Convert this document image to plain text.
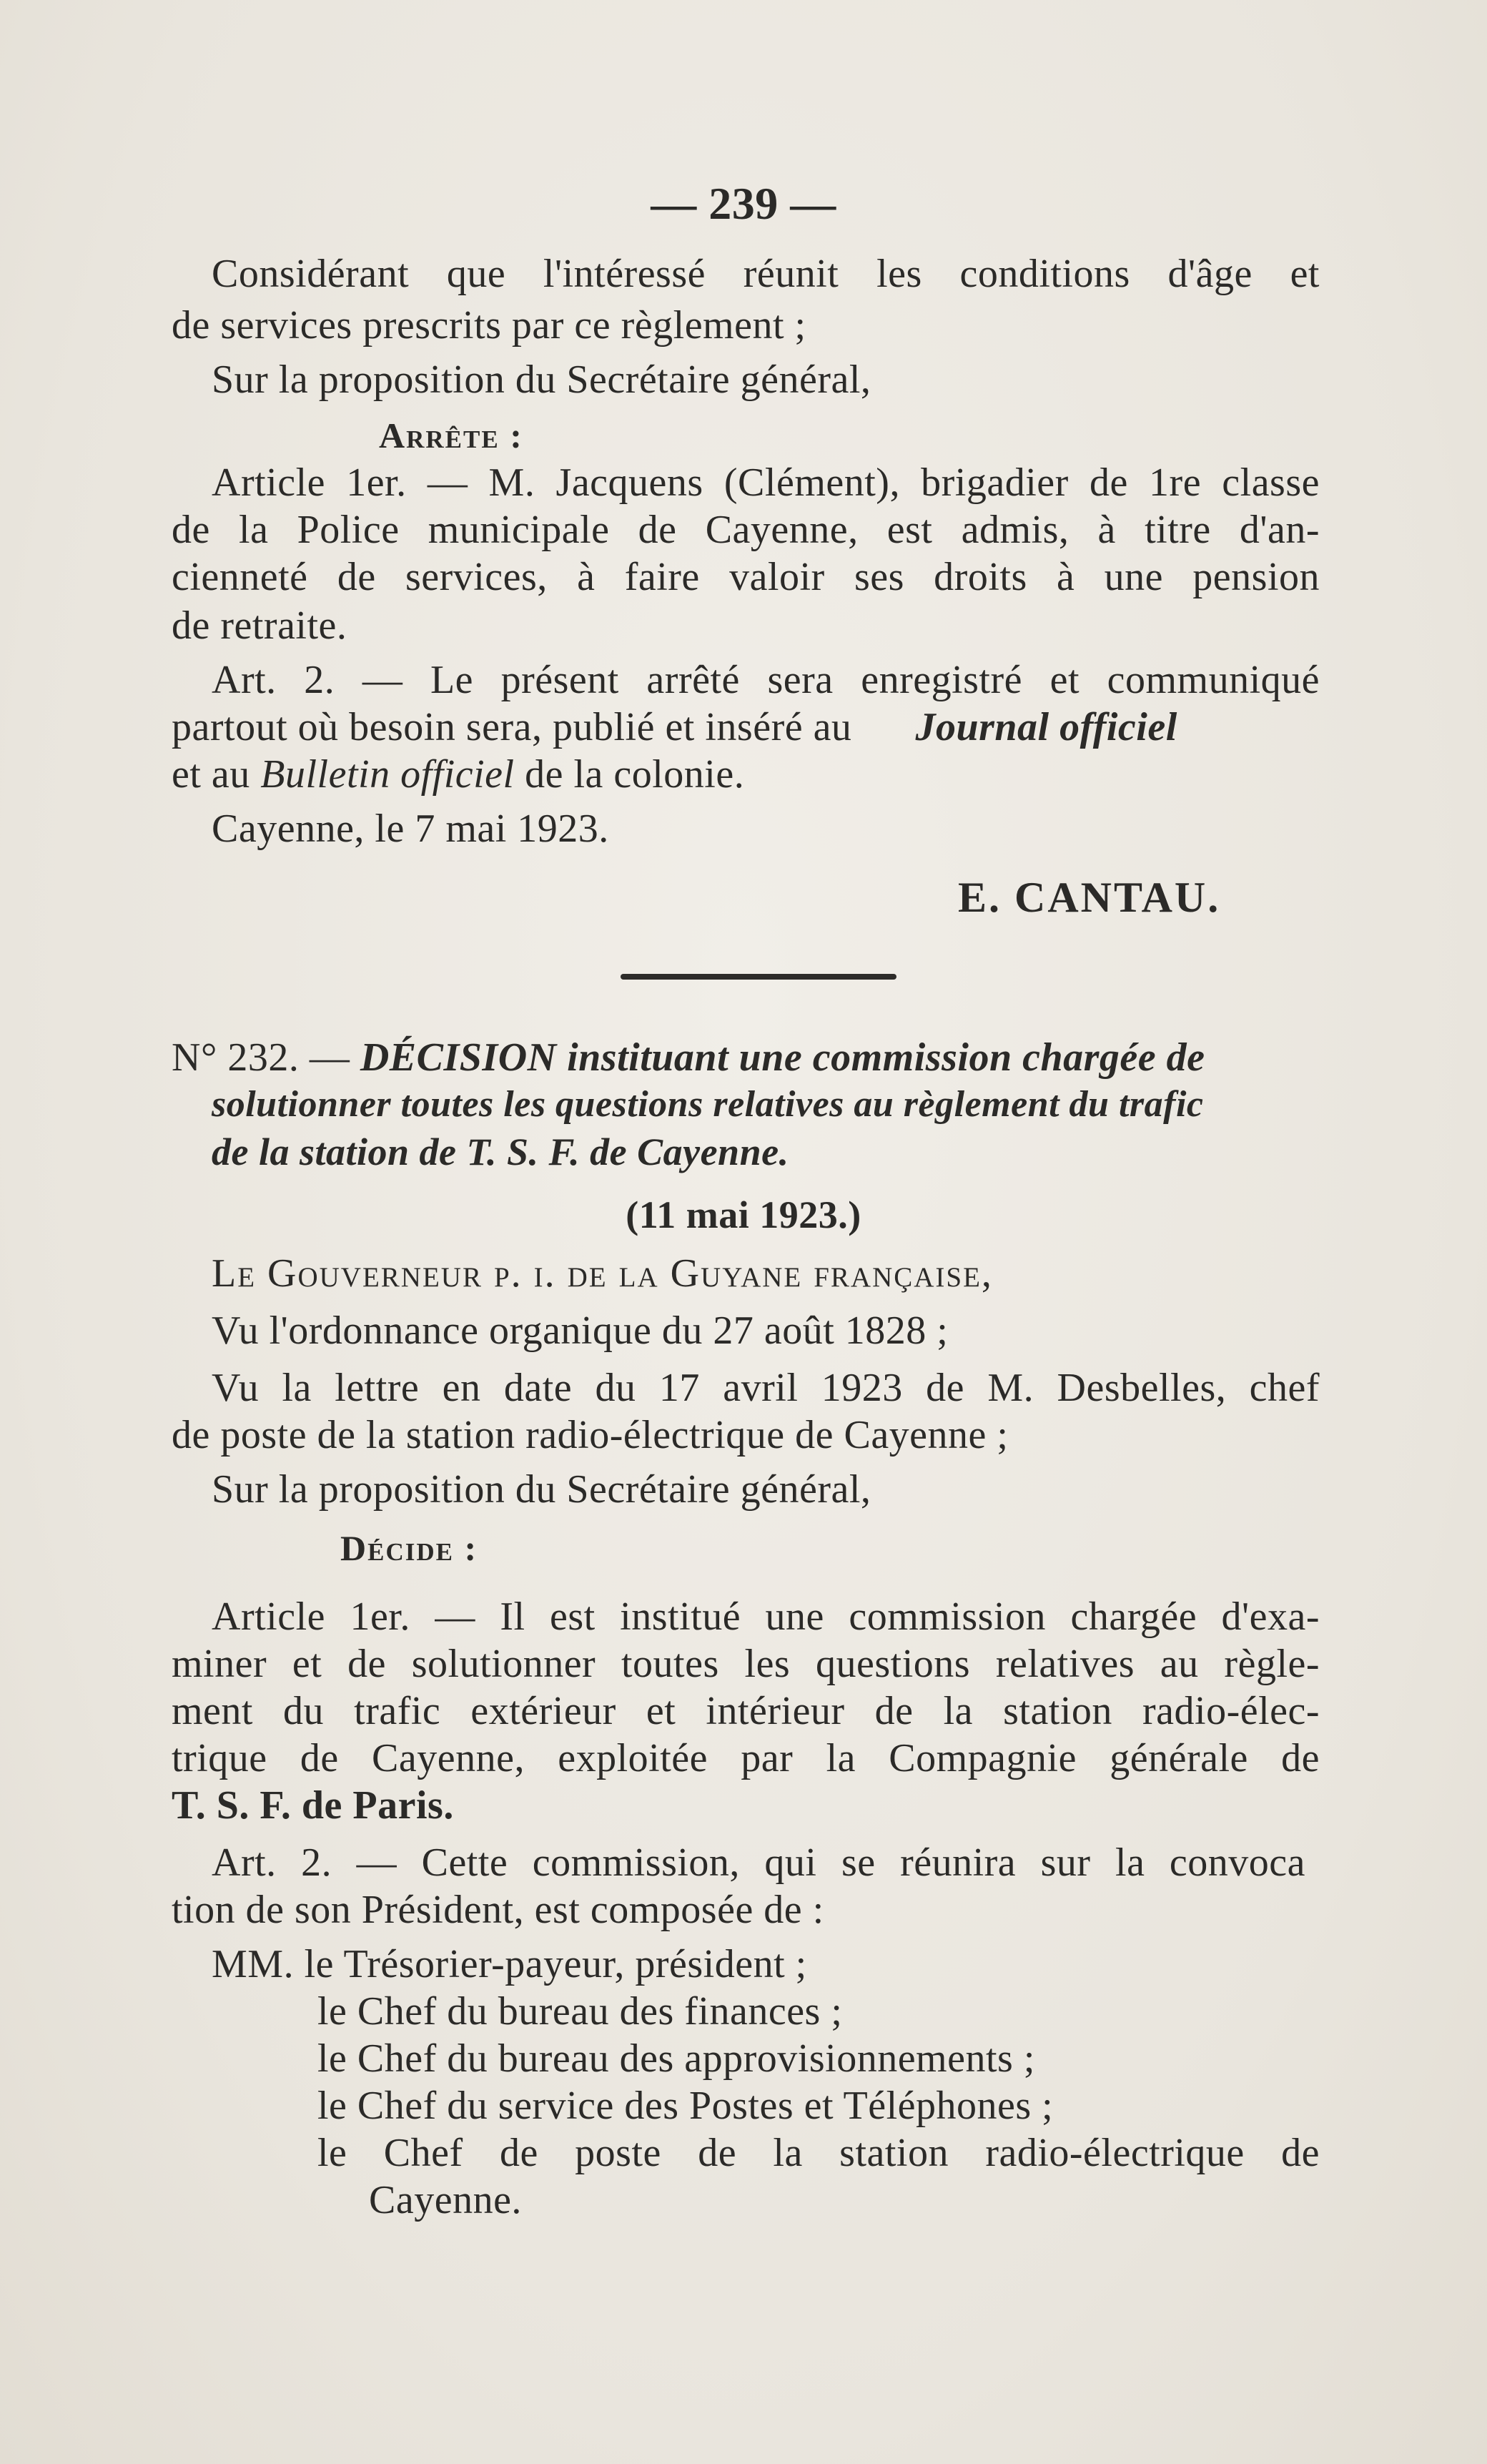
— 239 —
Considérant que l'intéressé réunit les conditions d'âge et
de services prescrits par ce règlement ;
Sur la proposition du Secrétaire général,
Arrête :
Article 1er. — M. Jacquens (Clément), brigadier de 1re classe
de la Police municipale de Cayenne, est admis, à titre d'an-
cienneté de services, à faire valoir ses droits à une pension
de retraite.
Art. 2. — Le présent arrêté sera enregistré et communiqué
partout où besoin sera, publié et inséré au Journal officiel
et au Bulletin officiel de la colonie.
Cayenne, le 7 mai 1923.
E. CANTAU.
N° 232. — DÉCISION instituant une commission chargée de
solutionner toutes les questions relatives au règlement du trafic
de la station de T. S. F. de Cayenne.
(11 mai 1923.)
Le Gouverneur p. i. de la Guyane française,
Vu l'ordonnance organique du 27 août 1828 ;
Vu la lettre en date du 17 avril 1923 de M. Desbelles, chef
de poste de la station radio-électrique de Cayenne ;
Sur la proposition du Secrétaire général,
Décide :
Article 1er. — Il est institué une commission chargée d'exa-
miner et de solutionner toutes les questions relatives au règle-
ment du trafic extérieur et intérieur de la station radio-élec-
trique de Cayenne, exploitée par la Compagnie générale de
T. S. F. de Paris.
Art. 2. — Cette commission, qui se réunira sur la convoca
tion de son Président, est composée de :
MM. le Trésorier-payeur, président ;
le Chef du bureau des finances ;
le Chef du bureau des approvisionnements ;
le Chef du service des Postes et Téléphones ;
le Chef de poste de la station radio-électrique de
Cayenne.
